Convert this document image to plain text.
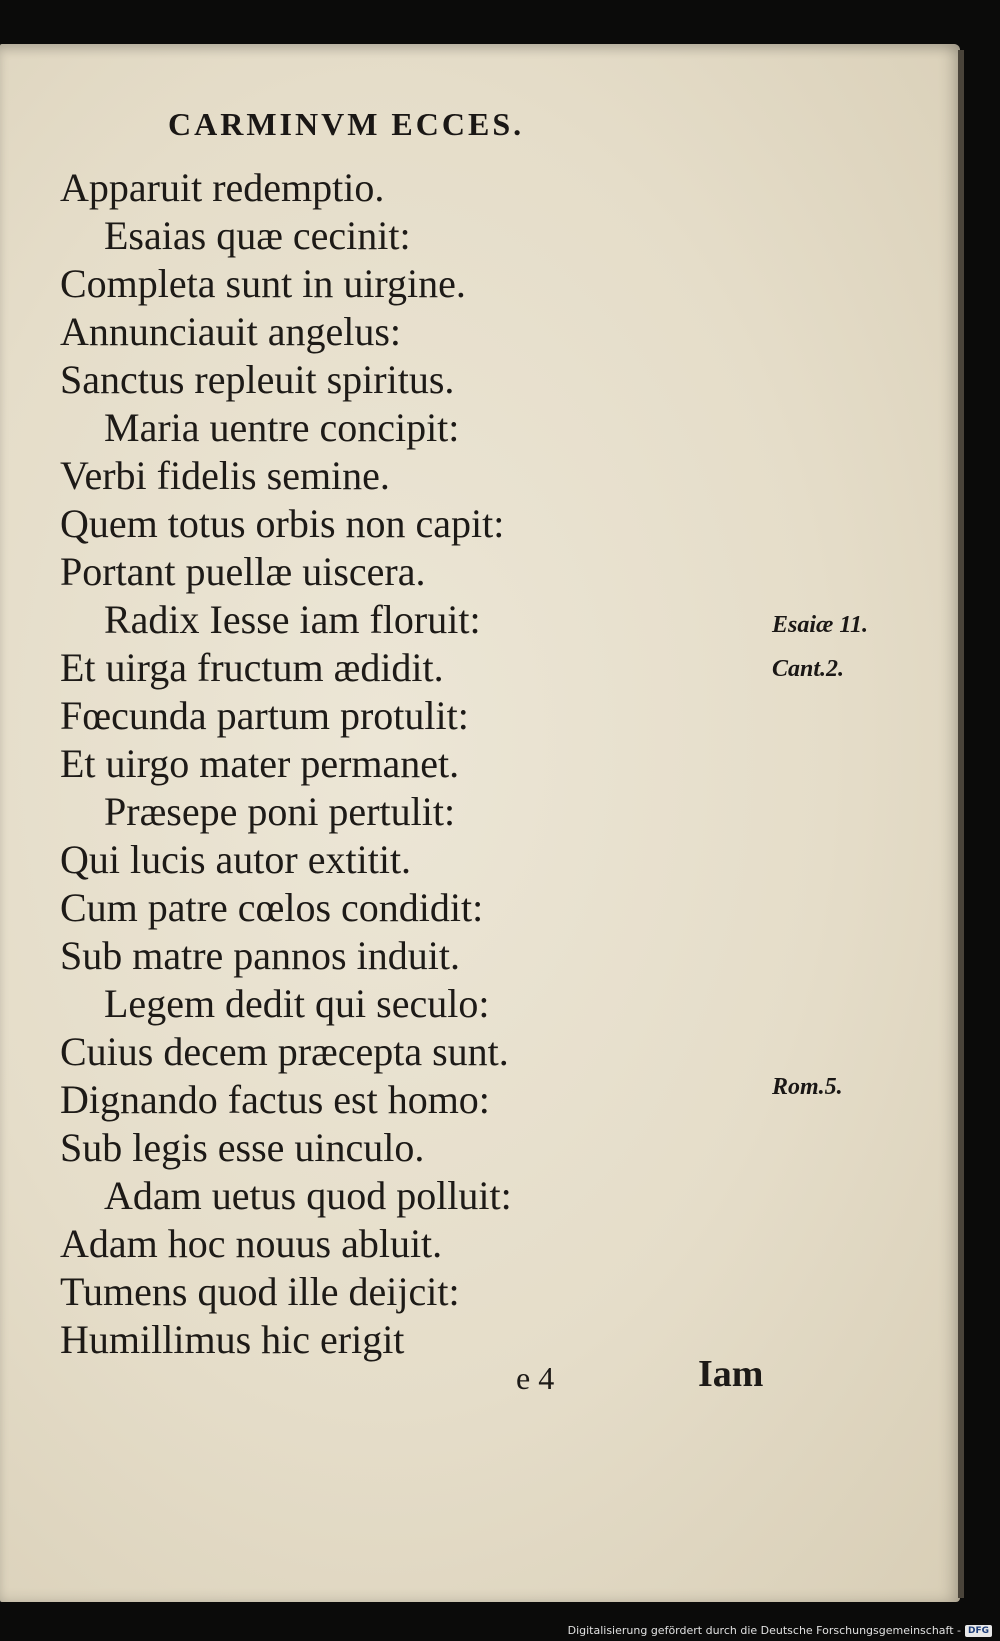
CARMINVM ECCES.
Apparuit redemptio.
Esaias quæ cecinit:
Completa sunt in uirgine.
Annunciauit angelus:
Sanctus repleuit spiritus.
Maria uentre concipit:
Verbi fidelis semine.
Quem totus orbis non capit:
Portant puellæ uiscera.
Radix Iesse iam floruit:
Et uirga fructum ædidit.
Fœcunda partum protulit:
Et uirgo mater permanet.
Præsepe poni pertulit:
Qui lucis autor extitit.
Cum patre cœlos condidit:
Sub matre pannos induit.
Legem dedit qui seculo:
Cuius decem præcepta sunt.
Dignando factus est homo:
Sub legis esse uinculo.
Adam uetus quod polluit:
Adam hoc nouus abluit.
Tumens quod ille deijcit:
Humillimus hic erigit
Esaiæ 11.
Cant.2.
Rom.5.
e 4	Iam
Digitalisierung gefördert durch die Deutsche Forschungsgemeinschaft - DFG
